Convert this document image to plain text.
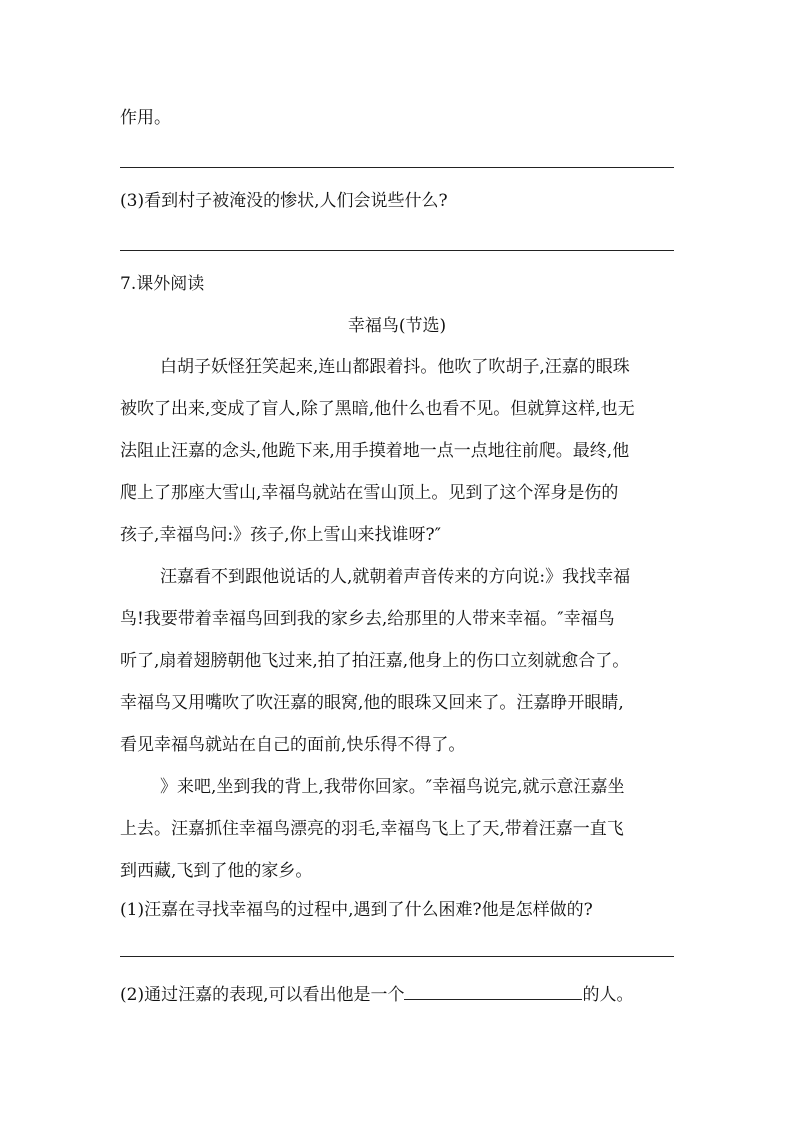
作用。
(3)看到村子被淹没的惨状,人们会说些什么?
7.课外阅读
幸福鸟(节选)
白胡子妖怪狂笑起来,连山都跟着抖。他吹了吹胡子,汪嘉的眼珠
被吹了出来,变成了盲人,除了黑暗,他什么也看不见。但就算这样,也无
法阻止汪嘉的念头,他跪下来,用手摸着地一点一点地往前爬。最终,他
爬上了那座大雪山,幸福鸟就站在雪山顶上。见到了这个浑身是伤的
孩子,幸福鸟问:》孩子,你上雪山来找谁呀?″
汪嘉看不到跟他说话的人,就朝着声音传来的方向说:》我找幸福
鸟!我要带着幸福鸟回到我的家乡去,给那里的人带来幸福。″幸福鸟
听了,扇着翅膀朝他飞过来,拍了拍汪嘉,他身上的伤口立刻就愈合了。
幸福鸟又用嘴吹了吹汪嘉的眼窝,他的眼珠又回来了。汪嘉睁开眼睛,
看见幸福鸟就站在自己的面前,快乐得不得了。
》来吧,坐到我的背上,我带你回家。″幸福鸟说完,就示意汪嘉坐
上去。汪嘉抓住幸福鸟漂亮的羽毛,幸福鸟飞上了天,带着汪嘉一直飞
到西藏,飞到了他的家乡。
(1)汪嘉在寻找幸福鸟的过程中,遇到了什么困难?他是怎样做的?
(2)通过汪嘉的表现,可以看出他是一个	的人。
